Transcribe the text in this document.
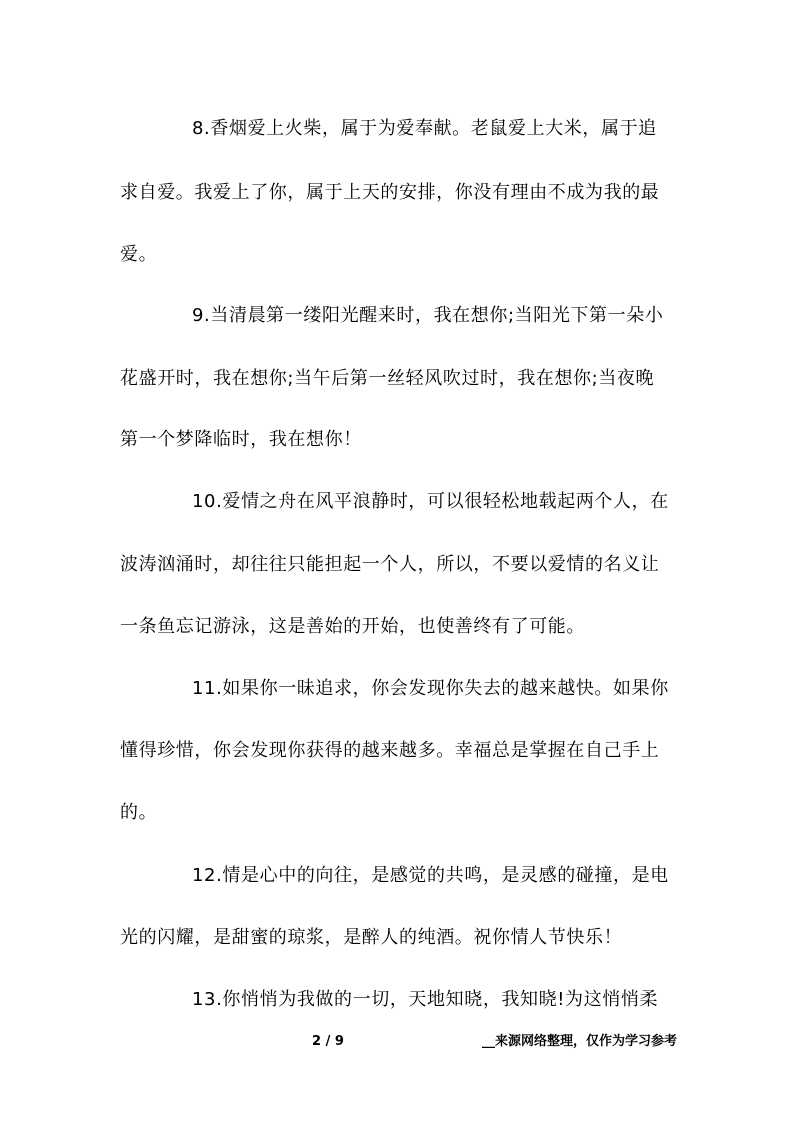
8.香烟爱上火柴，属于为爱奉献。老鼠爱上大米，属于追
求自爱。我爱上了你，属于上天的安排，你没有理由不成为我的最
爱。
9.当清晨第一缕阳光醒来时，我在想你;当阳光下第一朵小
花盛开时，我在想你;当午后第一丝轻风吹过时，我在想你;当夜晚
第一个梦降临时，我在想你！
10.爱情之舟在风平浪静时，可以很轻松地载起两个人，在
波涛汹涌时，却往往只能担起一个人，所以，不要以爱情的名义让
一条鱼忘记游泳，这是善始的开始，也使善终有了可能。
11.如果你一昧追求，你会发现你失去的越来越快。如果你
懂得珍惜，你会发现你获得的越来越多。幸福总是掌握在自己手上
的。
12.情是心中的向往，是感觉的共鸣，是灵感的碰撞，是电
光的闪耀，是甜蜜的琼浆，是醉人的纯酒。祝你情人节快乐！
13.你悄悄为我做的一切，天地知晓，我知晓!为这悄悄柔
2 / 9	__来源网络整理，仅作为学习参考
